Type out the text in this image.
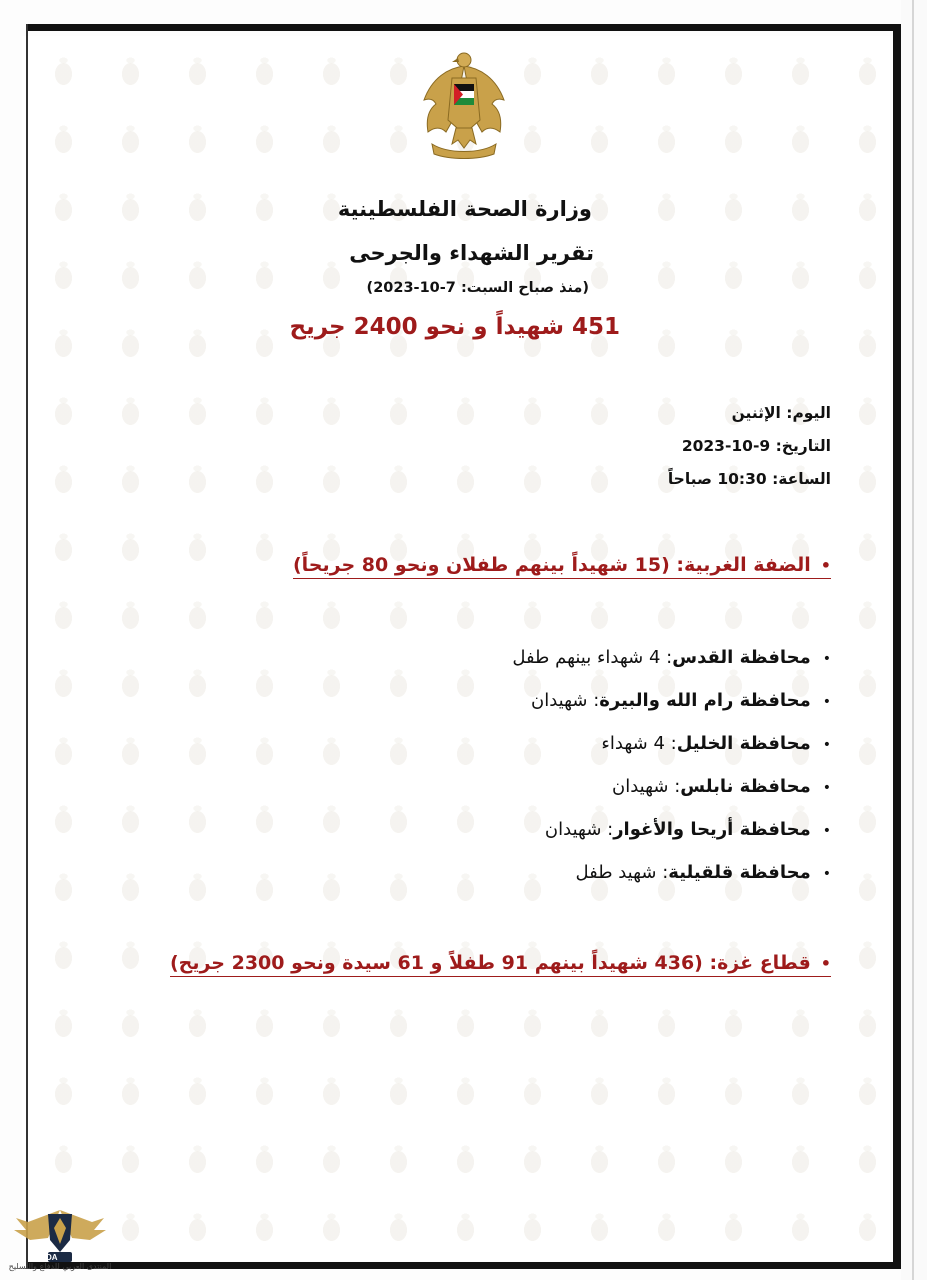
وزارة الصحة الفلسطينية
تقرير الشهداء والجرحى
(منذ صباح السبت: 7-10-2023)
451 شهيداً و نحو 2400 جريح
اليوم: الإثنين
التاريخ: 9-10-2023
الساعة: 10:30 صباحاً
•الضفة الغربية: (15 شهيداً بينهم طفلان ونحو 80 جريحاً)
•محافظة القدس: 4 شهداء بينهم طفل
•محافظة رام الله والبيرة: شهيدان
•محافظة الخليل: 4 شهداء
•محافظة نابلس: شهيدان
•محافظة أريحا والأغوار: شهيدان
•محافظة قلقيلية: شهيد طفل
•قطاع غزة: (436 شهيداً بينهم 91 طفلاً و 61 سيدة ونحو 2300 جريح)
DA
المنتدى العربي للدفاع والتسليح
